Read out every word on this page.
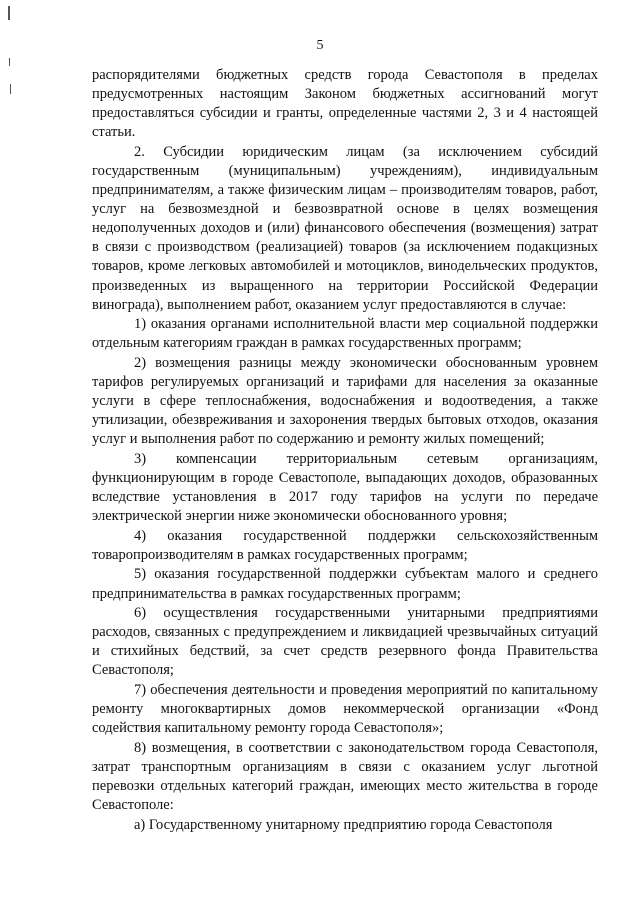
5

распорядителями бюджетных средств города Севастополя в пределах предусмотренных настоящим Законом бюджетных ассигнований могут предоставляться субсидии и гранты, определенные частями 2, 3 и 4 настоящей статьи.

2. Субсидии юридическим лицам (за исключением субсидий государственным (муниципальным) учреждениям), индивидуальным предпринимателям, а также физическим лицам – производителям товаров, работ, услуг на безвозмездной и безвозвратной основе в целях возмещения недополученных доходов и (или) финансового обеспечения (возмещения) затрат в связи с производством (реализацией) товаров (за исключением подакцизных товаров, кроме легковых автомобилей и мотоциклов, винодельческих продуктов, произведенных из выращенного на территории Российской Федерации винограда), выполнением работ, оказанием услуг предоставляются в случае:

1) оказания органами исполнительной власти мер социальной поддержки отдельным категориям граждан в рамках государственных программ;

2) возмещения разницы между экономически обоснованным уровнем тарифов регулируемых организаций и тарифами для населения за оказанные услуги в сфере теплоснабжения, водоснабжения и водоотведения, а также утилизации, обезвреживания и захоронения твердых бытовых отходов, оказания услуг и выполнения работ по содержанию и ремонту жилых помещений;

3) компенсации территориальным сетевым организациям, функционирующим в городе Севастополе, выпадающих доходов, образованных вследствие установления в 2017 году тарифов на услуги по передаче электрической энергии ниже экономически обоснованного уровня;

4) оказания государственной поддержки сельскохозяйственным товаропроизводителям в рамках государственных программ;

5) оказания государственной поддержки субъектам малого и среднего предпринимательства в рамках государственных программ;

6) осуществления государственными унитарными предприятиями расходов, связанных с предупреждением и ликвидацией чрезвычайных ситуаций и стихийных бедствий, за счет средств резервного фонда Правительства Севастополя;

7) обеспечения деятельности и проведения мероприятий по капитальному ремонту многоквартирных домов некоммерческой организации «Фонд содействия капитальному ремонту города Севастополя»;

8) возмещения, в соответствии с законодательством города Севастополя, затрат транспортным организациям в связи с оказанием услуг льготной перевозки отдельных категорий граждан, имеющих место жительства в городе Севастополе:

а) Государственному унитарному предприятию города Севастополя
